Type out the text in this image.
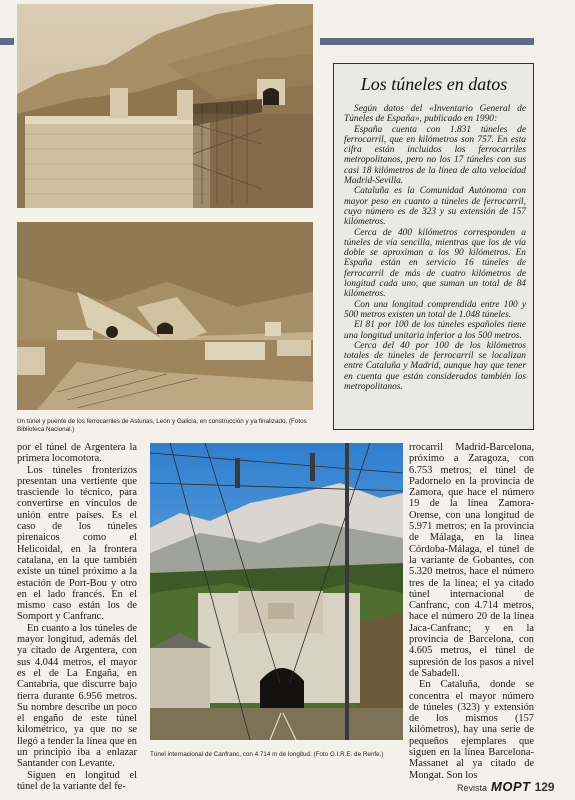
Un túnel y puente de los ferrocarriles de Asturias, León y Galicia, en construcción y ya finalizado. (Fotos Biblioteca Nacional.)
Los túneles en datos

Según datos del «Inventario General de Túneles de España», publicado en 1990:

España cuenta con 1.831 túneles de ferrocarril, que en kilómetros son 757. En esta cifra están incluidos los ferrocarriles metropolitanos, pero no los 17 túneles con sus casi 18 kilómetros de la línea de alta velocidad Madrid-Sevilla.

Cataluña es la Comunidad Autónoma con mayor peso en cuanto a túneles de ferrocarril, cuyo número es de 323 y su extensión de 157 kilómetros.

Cerca de 400 kilómetros corresponden a túneles de vía sencilla, mientras que los de vía doble se aproximan a los 90 kilómetros. En España están en servicio 16 túneles de ferrocarril de más de cuatro kilómetros de longitud cada uno, que suman un total de 84 kilómetros.

Con una longitud comprendida entre 100 y 500 metros existen un total de 1.048 túneles.

El 81 por 100 de los túneles españoles tiene una longitud unitaria inferior a los 500 metros.

Cerca del 40 por 100 de los kilómetros totales de túneles de ferrocarril se localizan entre Cataluña y Madrid, aunque hay que tener en cuenta que están considerados también los metropolitanos.

por el túnel de Argentera la primera locomotora.

Los túneles fronterizos presentan una vertiente que trasciende lo técnico, para convertirse en vínculos de unión entre países. Es el caso de los túneles pirenaicos como el Helicoidal, en la frontera catalana, en la que también existe un túnel próximo a la estación de Port-Bou y otro en el lado francés. En el mismo caso están los de Somport y Canfranc.

En cuanto a los túneles de mayor longitud, además del ya citado de Argentera, con sus 4.044 metros, el mayor es el de La Engaña, en Cantabria, que discurre bajo tierra durante 6.956 metros. Su nombre describe un poco el engaño de este túnel kilométrico, ya que no se llegó a tender la línea que en un principio iba a enlazar Santander con Levante.

Siguen en longitud el túnel de la variante del fe-

Túnel internacional de Canfranc, con 4.714 m de longitud. (Foto G.I.R.E. de Renfe.)

rrocarril Madrid-Barcelona, próximo a Zaragoza, con 6.753 metros; el túnel de Padornelo en la provincia de Zamora, que hace el número 19 de la línea Zamora-Orense, con una longitud de 5.971 metros; en la provincia de Málaga, en la línea Córdoba-Málaga, el túnel de la variante de Gobantes, con 5.320 metros, hace el número tres de la línea; el ya citado túnel internacional de Canfranc, con 4.714 metros, hace el número 20 de la línea Jaca-Canfranc; y en la provincia de Barcelona, con 4.605 metros, el túnel de supresión de los pasos a nivel de Sabadell.

En Cataluña, donde se concentra el mayor número de túneles (323) y extensión de los mismos (157 kilómetros), hay una serie de pequeños ejemplares que siguen en la línea Barcelona-Massanet al ya citado de Mongat. Son los

Revista MOPT 129
